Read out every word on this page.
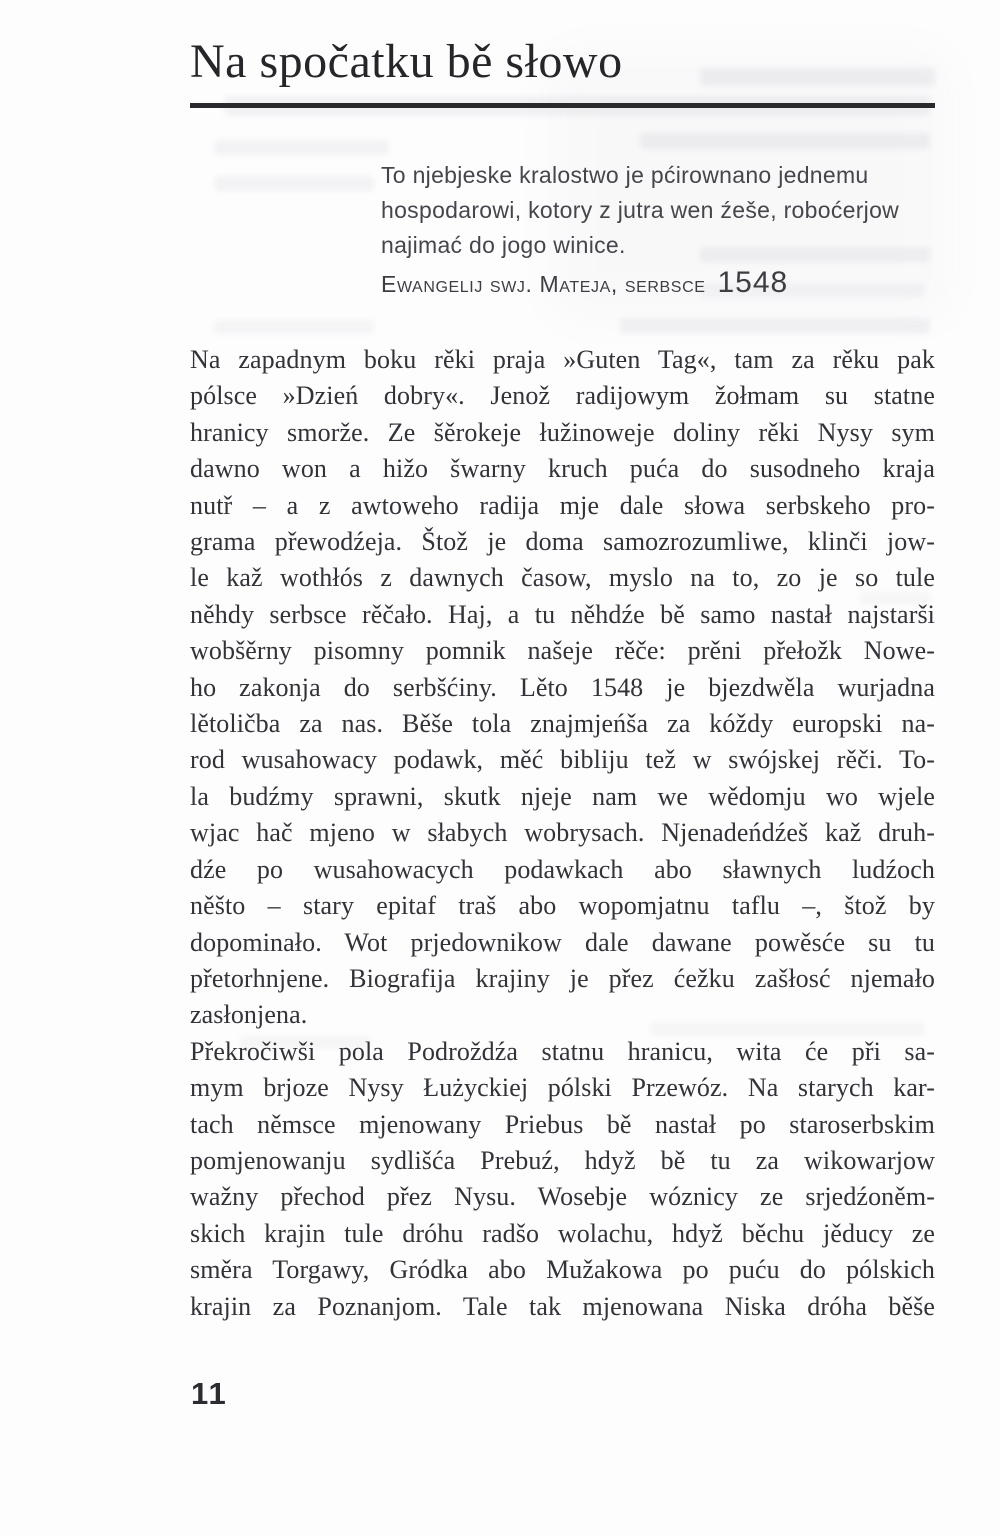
Na spočatku bě słowo
To njebjeske kralostwo je pćirownano jednemu
hospodarowi, kotory z jutra wen źeše, roboćerjow
najimać do jogo winice.
Ewangelij swj. Mateja, serbsce 1548
Na zapadnym boku rěki praja »Guten Tag«, tam za rěku pak
pólsce »Dzień dobry«. Jenož radijowym žołmam su statne
hranicy smorže. Ze šěrokeje łužinoweje doliny rěki Nysy sym
dawno won a hižo šwarny kruch puća do susodneho kraja
nutř – a z awtoweho radija mje dale słowa serbskeho pro-
grama přewodźeja. Štož je doma samozrozumliwe, klinči jow-
le kaž wothłós z dawnych časow, myslo na to, zo je so tule
něhdy serbsce rěčało. Haj, a tu něhdźe bě samo nastał najstarši
wobšěrny pisomny pomnik našeje rěče: prěni přełožk Nowe-
ho zakonja do serbšćiny. Lěto 1548 je bjezdwěla wurjadna
lětoličba za nas. Běše tola znajmjeńša za kóždy europski na-
rod wusahowacy podawk, měć bibliju tež w swójskej rěči. To-
la budźmy sprawni, skutk njeje nam we wědomju wo wjele
wjac hač mjeno w słabych wobrysach. Njenadeńdźeš kaž druh-
dźe po wusahowacych podawkach abo sławnych ludźoch
něšto – stary epitaf traš abo wopomjatnu taflu –, štož by
dopominało. Wot prjedownikow dale dawane powěsće su tu
přetorhnjene. Biografija krajiny je přez ćežku zašłosć njemało
zasłonjena.
Překročiwši pola Podroždźa statnu hranicu, wita će při sa-
mym brjoze Nysy Łużyckiej pólski Przewóz. Na starych kar-
tach němsce mjenowany Priebus bě nastał po staroserbskim
pomjenowanju sydlišća Prebuź, hdyž bě tu za wikowarjow
wažny přechod přez Nysu. Wosebje wóznicy ze srjedźoněm-
skich krajin tule dróhu radšo wolachu, hdyž běchu jěducy ze
směra Torgawy, Gródka abo Mužakowa po puću do pólskich
krajin za Poznanjom. Tale tak mjenowana Niska dróha běše
11
